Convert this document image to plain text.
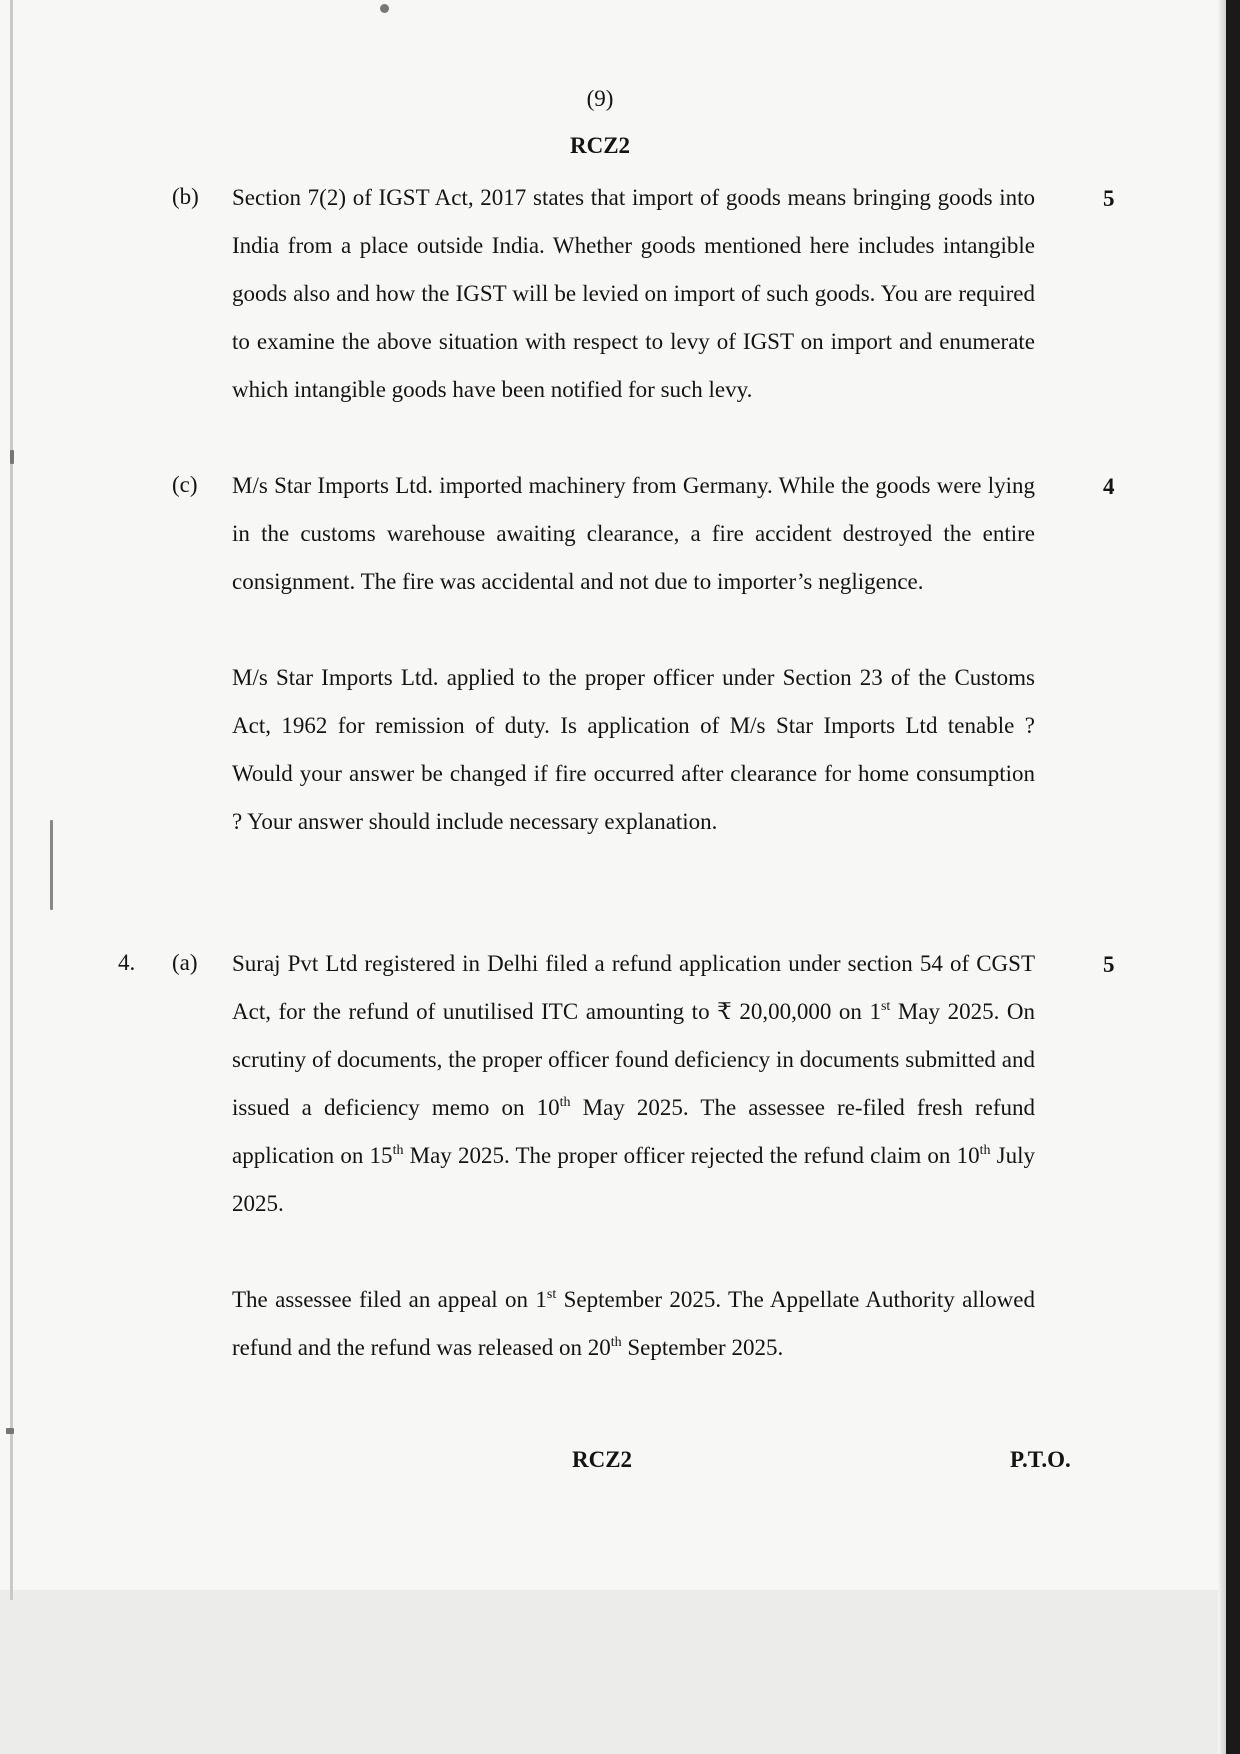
(9)
RCZ2
(b) Section 7(2) of IGST Act, 2017 states that import of goods means bringing goods into India from a place outside India. Whether goods mentioned here includes intangible goods also and how the IGST will be levied on import of such goods. You are required to examine the above situation with respect to levy of IGST on import and enumerate which intangible goods have been notified for such levy.

5
(c) M/s Star Imports Ltd. imported machinery from Germany. While the goods were lying in the customs warehouse awaiting clearance, a fire accident destroyed the entire consignment. The fire was accidental and not due to importer’s negligence.

M/s Star Imports Ltd. applied to the proper officer under Section 23 of the Customs Act, 1962 for remission of duty. Is application of M/s Star Imports Ltd tenable ? Would your answer be changed if fire occurred after clearance for home consumption ? Your answer should include necessary explanation.

4
4. (a) Suraj Pvt Ltd registered in Delhi filed a refund application under section 54 of CGST Act, for the refund of unutilised ITC amounting to ₹ 20,00,000 on 1st May 2025. On scrutiny of documents, the proper officer found deficiency in documents submitted and issued a deficiency memo on 10th May 2025. The assessee re-filed fresh refund application on 15th May 2025. The proper officer rejected the refund claim on 10th July 2025.

The assessee filed an appeal on 1st September 2025. The Appellate Authority allowed refund and the refund was released on 20th September 2025.

5
RCZ2	P.T.O.
